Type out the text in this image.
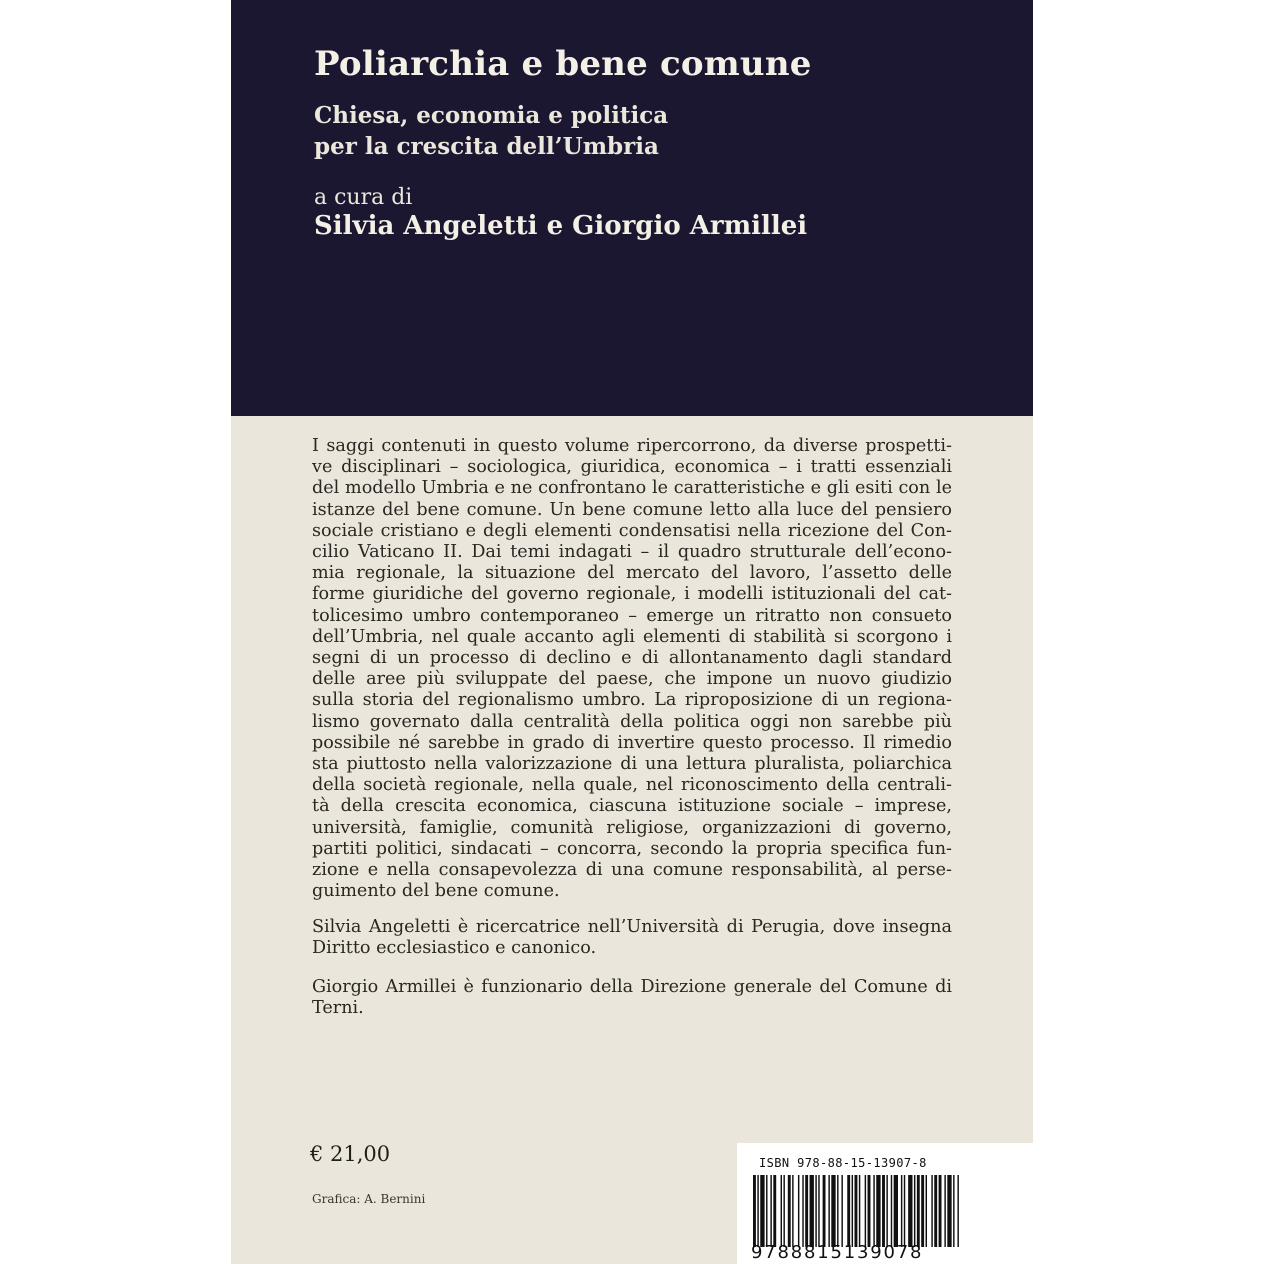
Poliarchia e bene comune
Chiesa, economia e politica
per la crescita dell’Umbria
a cura di
Silvia Angeletti e Giorgio Armillei
I saggi contenuti in questo volume ripercorrono, da diverse prospetti-
ve disciplinari – sociologica, giuridica, economica – i tratti essenziali
del modello Umbria e ne confrontano le caratteristiche e gli esiti con le
istanze del bene comune. Un bene comune letto alla luce del pensiero
sociale cristiano e degli elementi condensatisi nella ricezione del Con-
cilio Vaticano II. Dai temi indagati – il quadro strutturale dell’econo-
mia regionale, la situazione del mercato del lavoro, l’assetto delle
forme giuridiche del governo regionale, i modelli istituzionali del cat-
tolicesimo umbro contemporaneo – emerge un ritratto non consueto
dell’Umbria, nel quale accanto agli elementi di stabilità si scorgono i
segni di un processo di declino e di allontanamento dagli standard
delle aree più sviluppate del paese, che impone un nuovo giudizio
sulla storia del regionalismo umbro. La riproposizione di un regiona-
lismo governato dalla centralità della politica oggi non sarebbe più
possibile né sarebbe in grado di invertire questo processo. Il rimedio
sta piuttosto nella valorizzazione di una lettura pluralista, poliarchica
della società regionale, nella quale, nel riconoscimento della centrali-
tà della crescita economica, ciascuna istituzione sociale – imprese,
università, famiglie, comunità religiose, organizzazioni di governo,
partiti politici, sindacati – concorra, secondo la propria specifica fun-
zione e nella consapevolezza di una comune responsabilità, al perse-
guimento del bene comune.
Silvia Angeletti è ricercatrice nell’Università di Perugia, dove insegna
Diritto ecclesiastico e canonico.
Giorgio Armillei è funzionario della Direzione generale del Comune di
Terni.
€ 21,00
Grafica: A. Bernini
ISBN 978-88-15-13907-8
9788815139078
